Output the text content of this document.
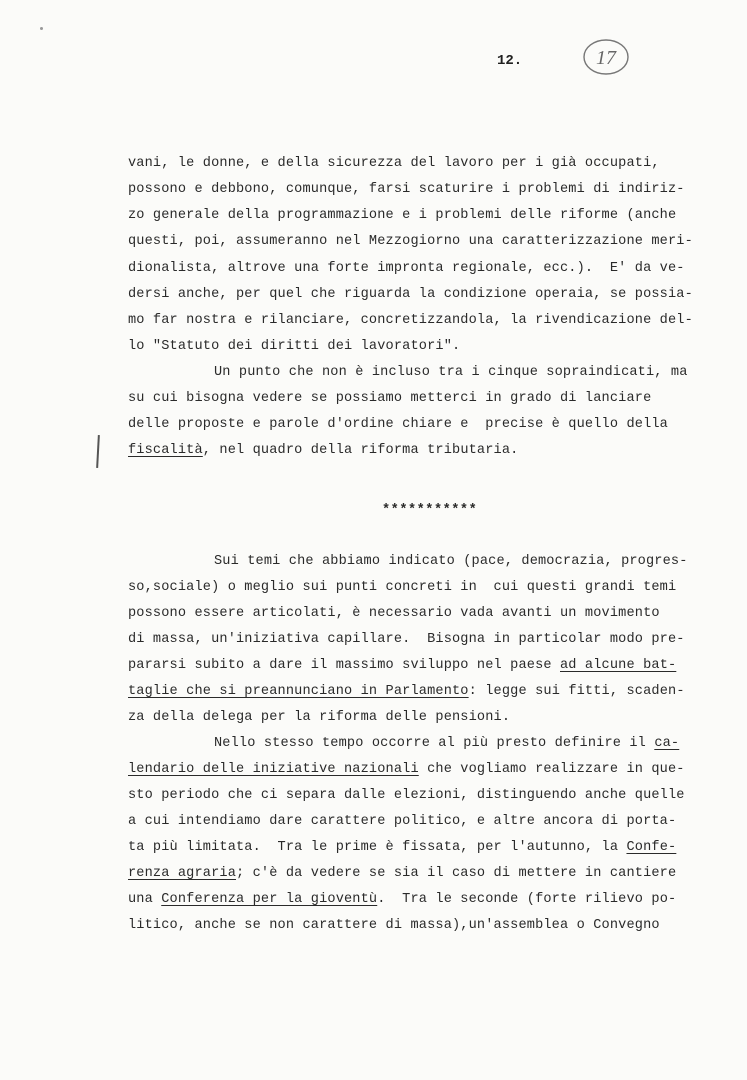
12.	17
vani, le donne, e della sicurezza del lavoro per i già occupati,
possono e debbono, comunque, farsi scaturire i problemi di indiriz-
zo generale della programmazione e i problemi delle riforme (anche
questi, poi, assumeranno nel Mezzogiorno una caratterizzazione meri-
dionalista, altrove una forte impronta regionale, ecc.).  E' da ve-
dersi anche, per quel che riguarda la condizione operaia, se possia-
mo far nostra e rilanciare, concretizzandola, la rivendicazione del-
lo "Statuto dei diritti dei lavoratori".
Un punto che non è incluso tra i cinque sopraindicati, ma
su cui bisogna vedere se possiamo metterci in grado di lanciare
delle proposte e parole d'ordine chiare e  precise è quello della
fiscalità, nel quadro della riforma tributaria.
***********
Sui temi che abbiamo indicato (pace, democrazia, progres-
so,sociale) o meglio sui punti concreti in  cui questi grandi temi
possono essere articolati, è necessario vada avanti un movimento
di massa, un'iniziativa capillare.  Bisogna in particolar modo pre-
pararsi subito a dare il massimo sviluppo nel paese ad alcune bat-
taglie che si preannunciano in Parlamento: legge sui fitti, scaden-
za della delega per la riforma delle pensioni.
Nello stesso tempo occorre al più presto definire il ca-
lendario delle iniziative nazionali che vogliamo realizzare in que-
sto periodo che ci separa dalle elezioni, distinguendo anche quelle
a cui intendiamo dare carattere politico, e altre ancora di porta-
ta più limitata.  Tra le prime è fissata, per l'autunno, la Confe-
renza agraria; c'è da vedere se sia il caso di mettere in cantiere
una Conferenza per la gioventù.  Tra le seconde (forte rilievo po-
litico, anche se non carattere di massa),un'assemblea o Convegno
